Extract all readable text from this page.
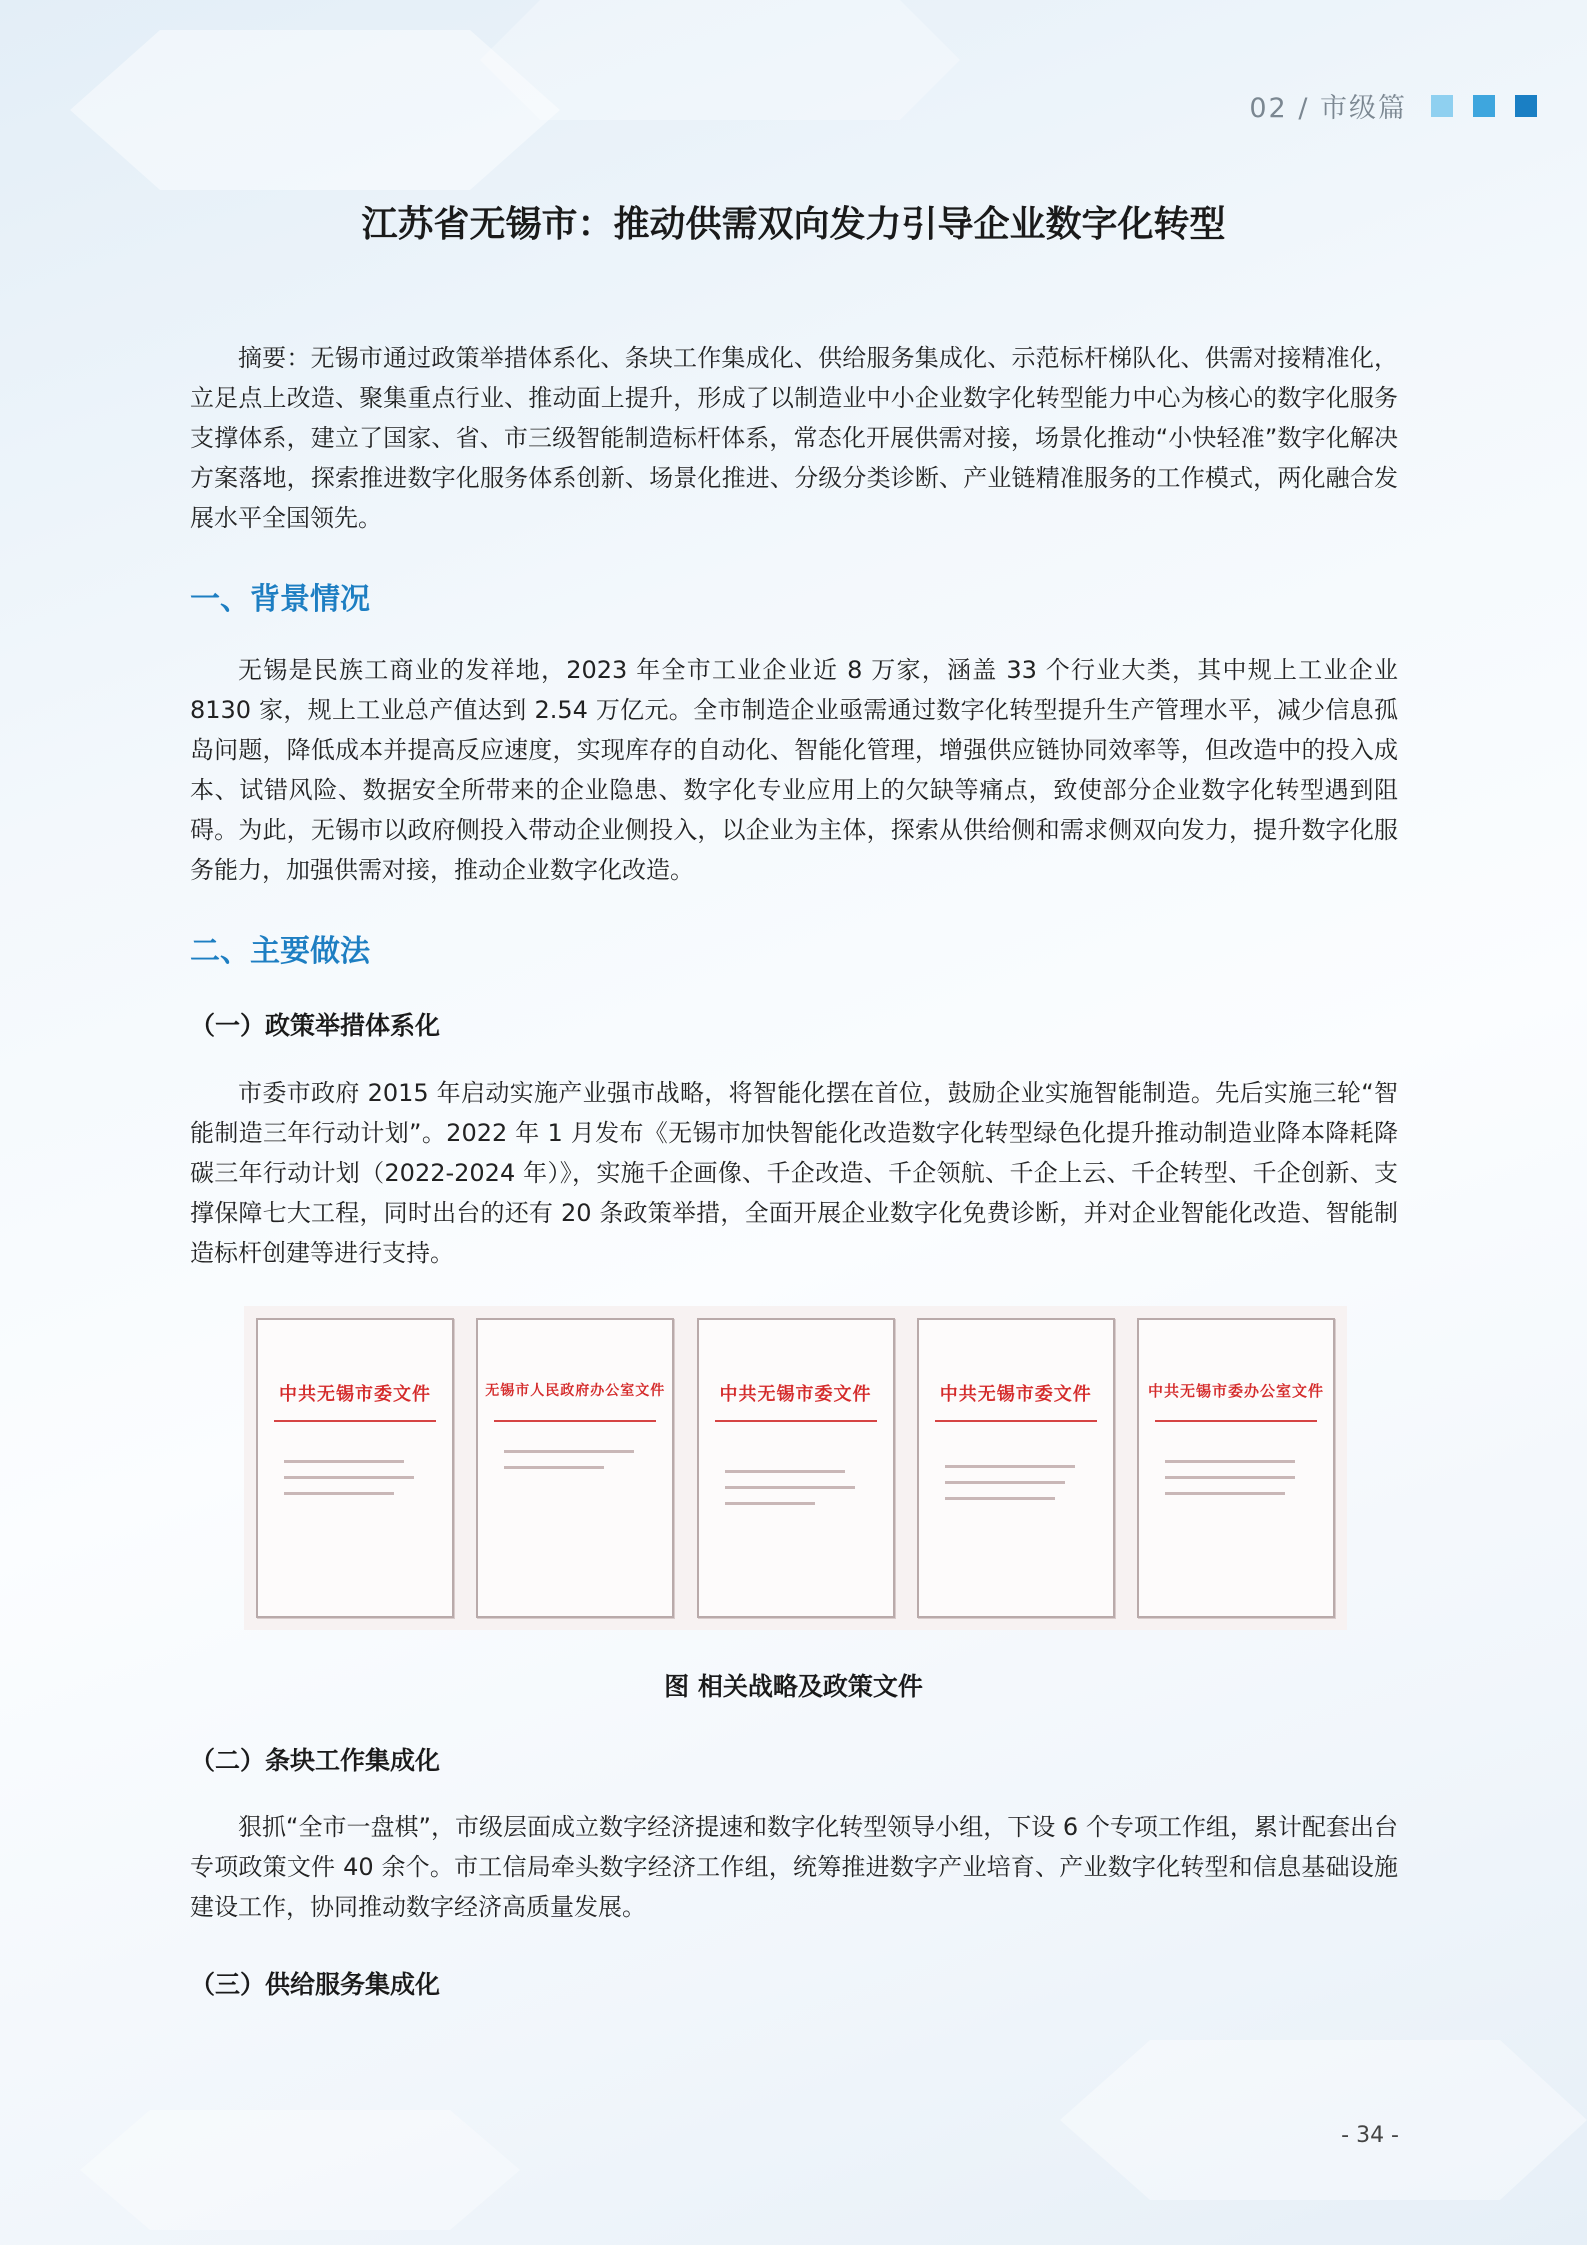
02 / 市级篇
江苏省无锡市：推动供需双向发力引导企业数字化转型

摘要：无锡市通过政策举措体系化、条块工作集成化、供给服务集成化、示范标杆梯队化、供需对接精准化，立足点上改造、聚集重点行业、推动面上提升，形成了以制造业中小企业数字化转型能力中心为核心的数字化服务支撑体系，建立了国家、省、市三级智能制造标杆体系，常态化开展供需对接，场景化推动“小快轻准”数字化解决方案落地，探索推进数字化服务体系创新、场景化推进、分级分类诊断、产业链精准服务的工作模式，两化融合发展水平全国领先。

一、背景情况

无锡是民族工商业的发祥地，2023 年全市工业企业近 8 万家，涵盖 33 个行业大类，其中规上工业企业 8130 家，规上工业总产值达到 2.54 万亿元。全市制造企业亟需通过数字化转型提升生产管理水平，减少信息孤岛问题，降低成本并提高反应速度，实现库存的自动化、智能化管理，增强供应链协同效率等，但改造中的投入成本、试错风险、数据安全所带来的企业隐患、数字化专业应用上的欠缺等痛点，致使部分企业数字化转型遇到阻碍。为此，无锡市以政府侧投入带动企业侧投入，以企业为主体，探索从供给侧和需求侧双向发力，提升数字化服务能力，加强供需对接，推动企业数字化改造。

二、主要做法
（一）政策举措体系化

市委市政府 2015 年启动实施产业强市战略，将智能化摆在首位，鼓励企业实施智能制造。先后实施三轮“智能制造三年行动计划”。2022 年 1 月发布《无锡市加快智能化改造数字化转型绿色化提升推动制造业降本降耗降碳三年行动计划（2022-2024 年）》，实施千企画像、千企改造、千企领航、千企上云、千企转型、千企创新、支撑保障七大工程，同时出台的还有 20 条政策举措，全面开展企业数字化免费诊断，并对企业智能化改造、智能制造标杆创建等进行支持。

中共无锡市委文件	无锡市人民政府办公室文件	中共无锡市委文件	中共无锡市委文件	中共无锡市委办公室文件

图 相关战略及政策文件

（二）条块工作集成化

狠抓“全市一盘棋”，市级层面成立数字经济提速和数字化转型领导小组，下设 6 个专项工作组，累计配套出台专项政策文件 40 余个。市工信局牵头数字经济工作组，统筹推进数字产业培育、产业数字化转型和信息基础设施建设工作，协同推动数字经济高质量发展。

（三）供给服务集成化
- 34 -
